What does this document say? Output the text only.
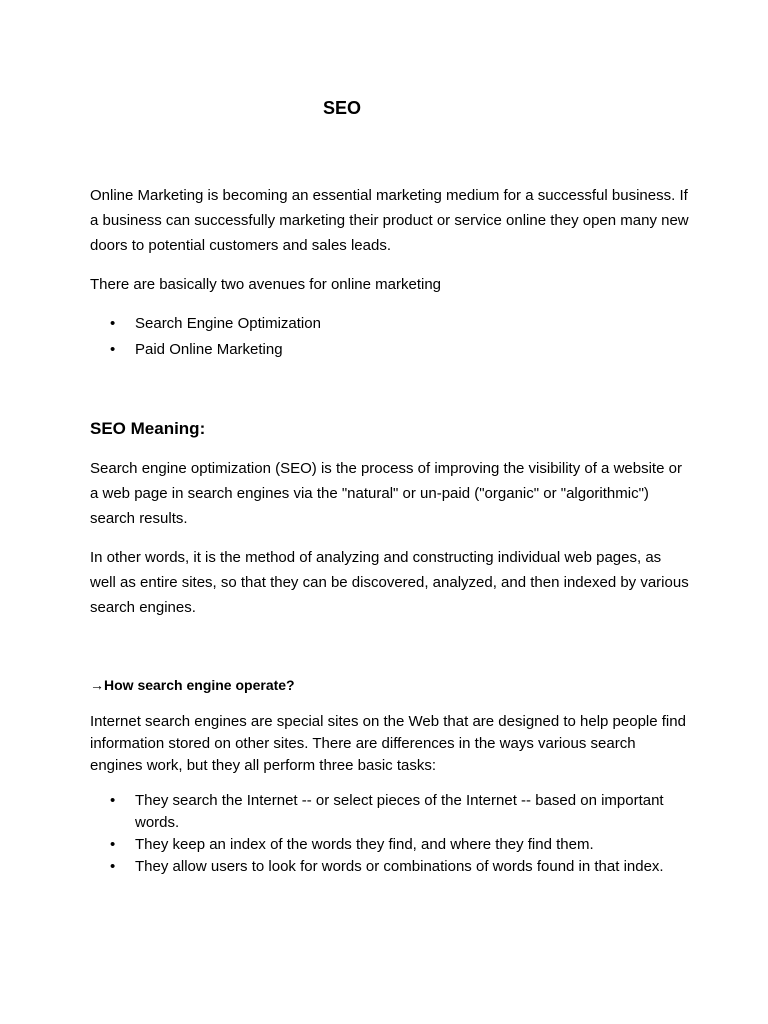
SEO

Online Marketing is becoming an essential marketing medium for a successful business. If a business can successfully marketing their product or service online they open many new doors to potential customers and sales leads.

There are basically two avenues for online marketing

• Search Engine Optimization
• Paid Online Marketing
SEO Meaning:

Search engine optimization (SEO) is the process of improving the visibility of a website or a web page in search engines via the "natural" or un-paid ("organic" or "algorithmic") search results.

In other words, it is the method of analyzing and constructing individual web pages, as well as entire sites, so that they can be discovered, analyzed, and then indexed by various search engines.

→How search engine operate?

Internet search engines are special sites on the Web that are designed to help people find information stored on other sites. There are differences in the ways various search engines work, but they all perform three basic tasks:

• They search the Internet -- or select pieces of the Internet -- based on important words.
• They keep an index of the words they find, and where they find them.
• They allow users to look for words or combinations of words found in that index.
